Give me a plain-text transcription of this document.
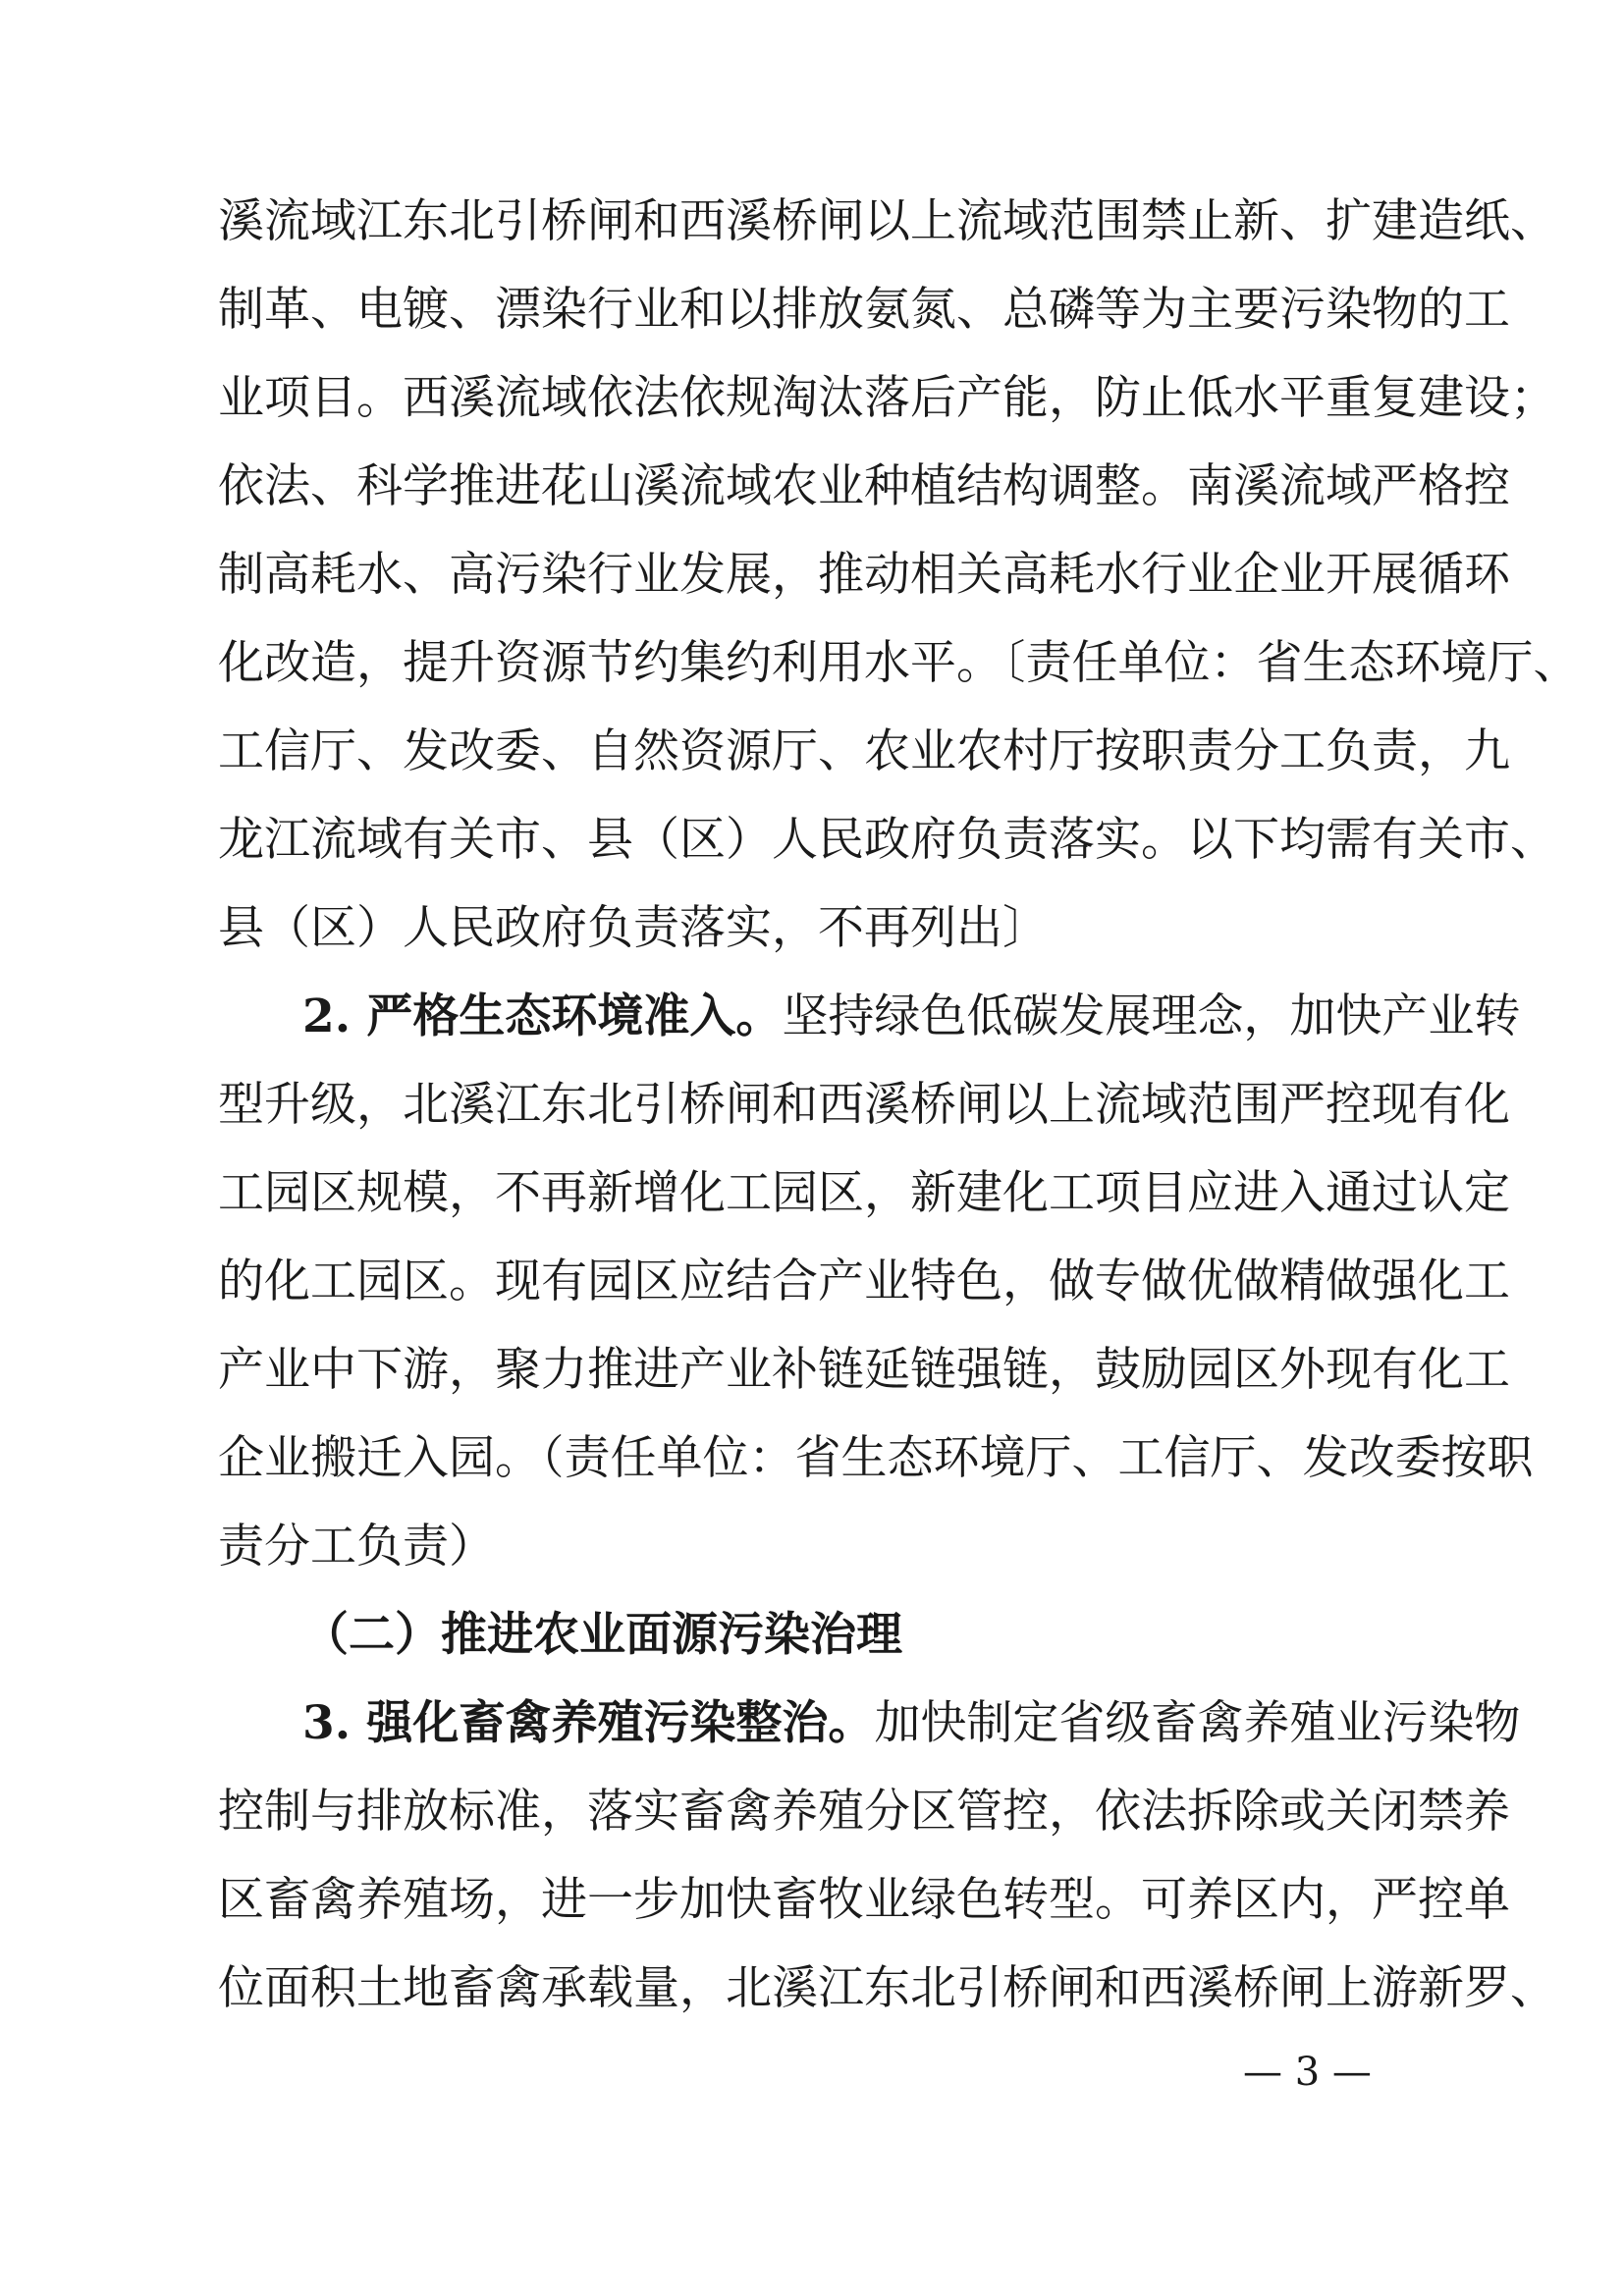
溪流域江东北引桥闸和西溪桥闸以上流域范围禁止新、扩建造纸、
制革、电镀、漂染行业和以排放氨氮、总磷等为主要污染物的工
业项目。西溪流域依法依规淘汰落后产能，防止低水平重复建设；
依法、科学推进花山溪流域农业种植结构调整。南溪流域严格控
制高耗水、高污染行业发展，推动相关高耗水行业企业开展循环
化改造，提升资源节约集约利用水平。〔责任单位：省生态环境厅、
工信厅、发改委、自然资源厅、农业农村厅按职责分工负责，九
龙江流域有关市、县（区）人民政府负责落实。以下均需有关市、
县（区）人民政府负责落实，不再列出〕
2. 严格生态环境准入。坚持绿色低碳发展理念，加快产业转
型升级，北溪江东北引桥闸和西溪桥闸以上流域范围严控现有化
工园区规模，不再新增化工园区，新建化工项目应进入通过认定
的化工园区。现有园区应结合产业特色，做专做优做精做强化工
产业中下游，聚力推进产业补链延链强链，鼓励园区外现有化工
企业搬迁入园。（责任单位：省生态环境厅、工信厅、发改委按职
责分工负责）
（二）推进农业面源污染治理
3. 强化畜禽养殖污染整治。加快制定省级畜禽养殖业污染物
控制与排放标准，落实畜禽养殖分区管控，依法拆除或关闭禁养
区畜禽养殖场，进一步加快畜牧业绿色转型。可养区内，严控单
位面积土地畜禽承载量，北溪江东北引桥闸和西溪桥闸上游新罗、
— 3 —
